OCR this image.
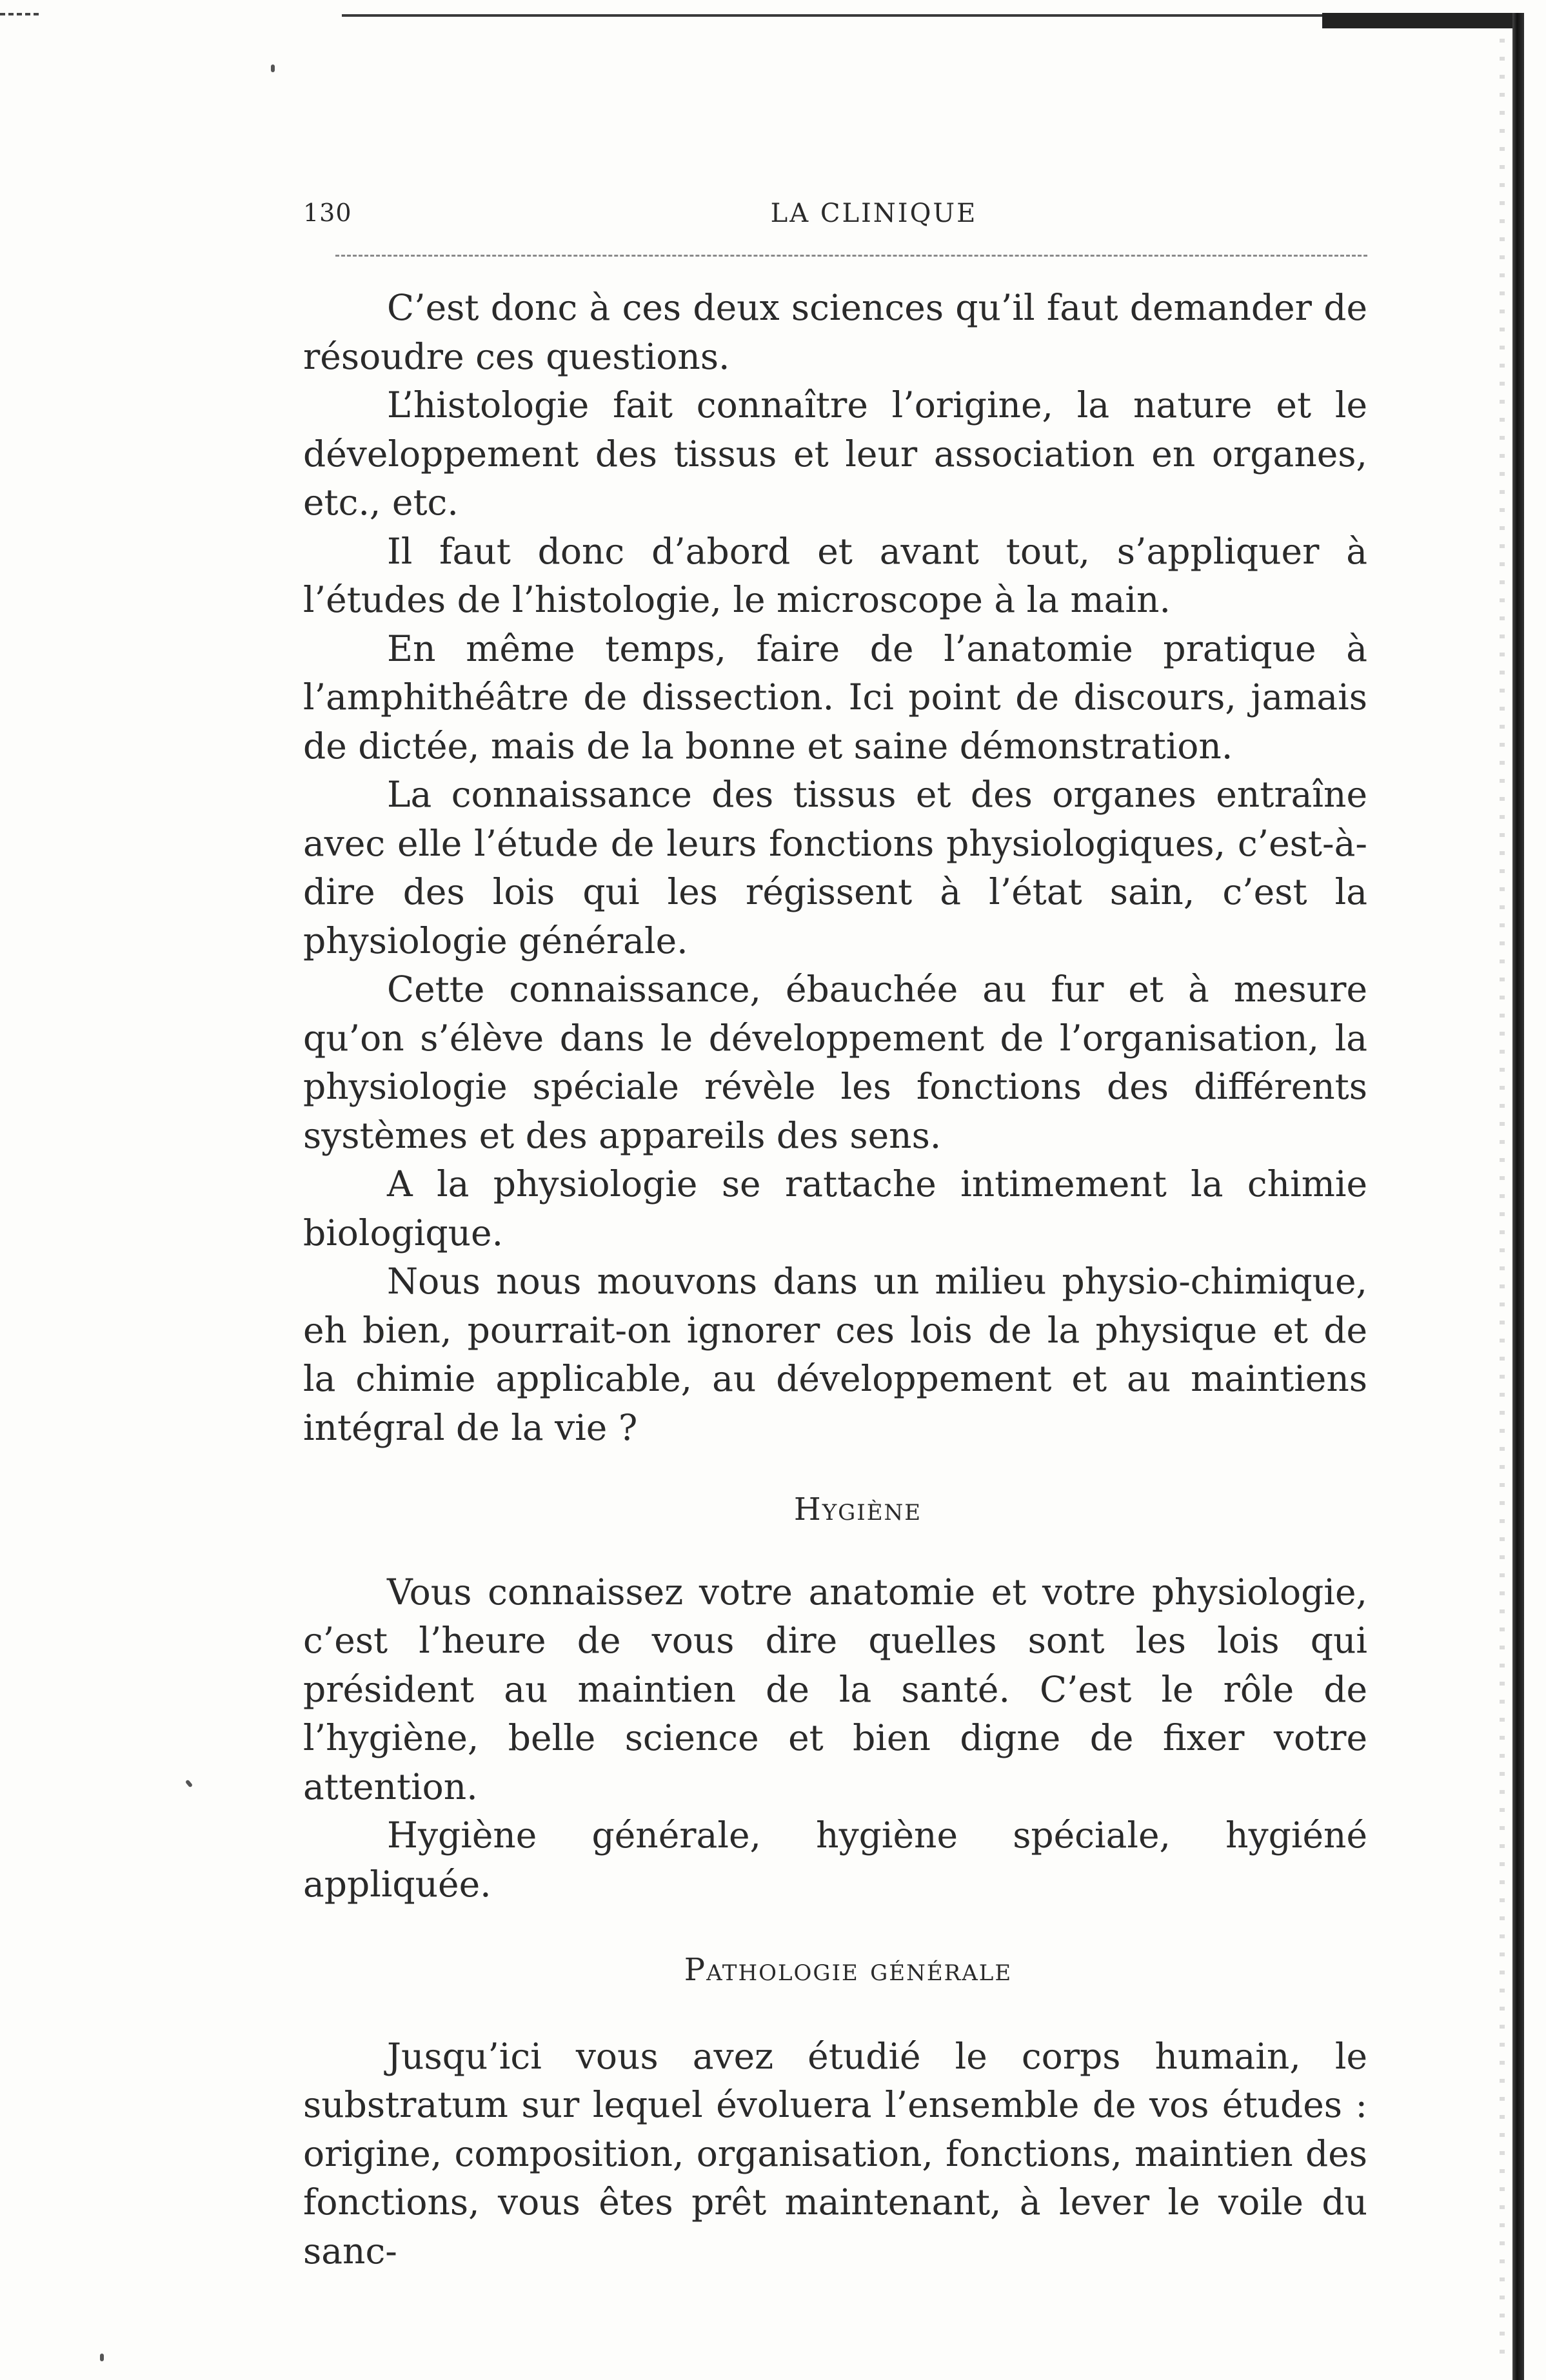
130	LA CLINIQUE

C’est donc à ces deux sciences qu’il faut demander de résoudre ces questions.

L’histologie fait connaître l’origine, la nature et le développement des tissus et leur association en organes, etc., etc.

Il faut donc d’abord et avant tout, s’appliquer à l’études de l’histologie, le microscope à la main.

En même temps, faire de l’anatomie pratique à l’amphithéâtre de dissection. Ici point de discours, jamais de dictée, mais de la bonne et saine démonstration.

La connaissance des tissus et des organes entraîne avec elle l’étude de leurs fonctions physiologiques, c’est-à-dire des lois qui les régissent à l’état sain, c’est la physiologie générale.

Cette connaissance, ébauchée au fur et à mesure qu’on s’élève dans le développement de l’organisation, la physiologie spéciale révèle les fonctions des différents systèmes et des appareils des sens.

A la physiologie se rattache intimement la chimie biologique.

Nous nous mouvons dans un milieu physio-chimique, eh bien, pourrait-on ignorer ces lois de la physique et de la chimie applicable, au développement et au maintiens intégral de la vie ?

Hygiène

Vous connaissez votre anatomie et votre physiologie, c’est l’heure de vous dire quelles sont les lois qui président au maintien de la santé. C’est le rôle de l’hygiène, belle science et bien digne de fixer votre attention.

Hygiène générale, hygiène spéciale, hygiéné appliquée.

Pathologie générale

Jusqu’ici vous avez étudié le corps humain, le substratum sur lequel évoluera l’ensemble de vos études : origine, composition, organisation, fonctions, maintien des fonctions, vous êtes prêt maintenant, à lever le voile du sanc-
